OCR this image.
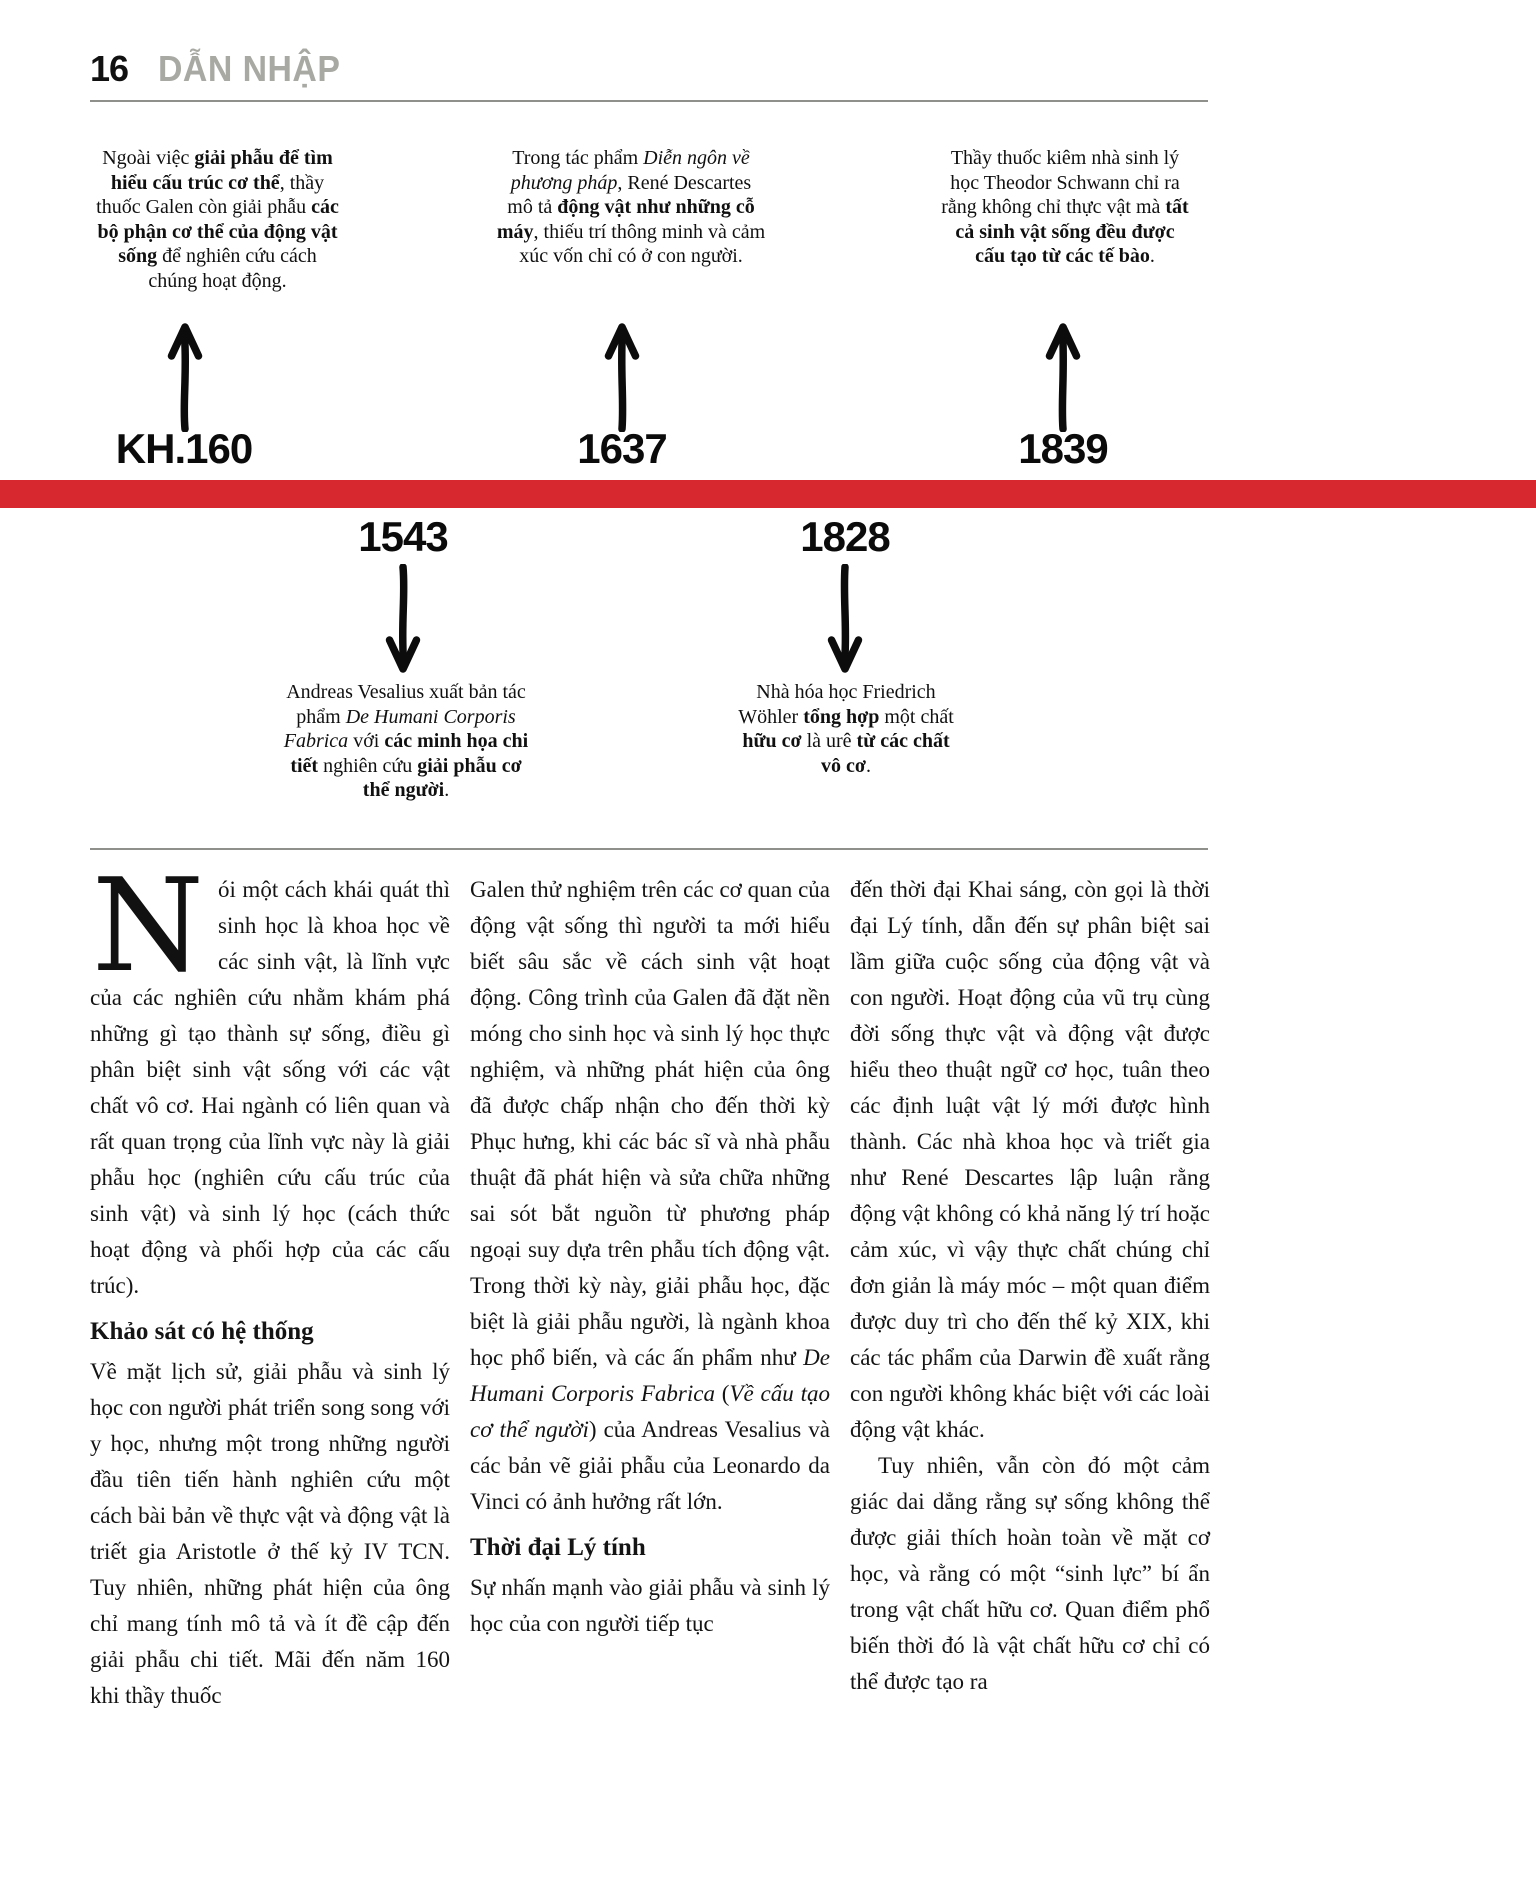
16 DẪN NHẬP

Ngoài việc giải phẫu để tìm hiểu cấu trúc cơ thể, thầy thuốc Galen còn giải phẫu các bộ phận cơ thể của động vật sống để nghiên cứu cách chúng hoạt động.

Trong tác phẩm Diễn ngôn về phương pháp, René Descartes mô tả động vật như những cỗ máy, thiếu trí thông minh và cảm xúc vốn chỉ có ở con người.

Thầy thuốc kiêm nhà sinh lý học Theodor Schwann chỉ ra rằng không chỉ thực vật mà tất cả sinh vật sống đều được cấu tạo từ các tế bào.

KH.160	1637	1839
1543	1828

Andreas Vesalius xuất bản tác phẩm De Humani Corporis Fabrica với các minh họa chi tiết nghiên cứu giải phẫu cơ thể người.

Nhà hóa học Friedrich Wöhler tổng hợp một chất hữu cơ là urê từ các chất vô cơ.

Nói một cách khái quát thì sinh học là khoa học về các sinh vật, là lĩnh vực của các nghiên cứu nhằm khám phá những gì tạo thành sự sống, điều gì phân biệt sinh vật sống với các vật chất vô cơ. Hai ngành có liên quan và rất quan trọng của lĩnh vực này là giải phẫu học (nghiên cứu cấu trúc của sinh vật) và sinh lý học (cách thức hoạt động và phối hợp của các cấu trúc).

Khảo sát có hệ thống

Về mặt lịch sử, giải phẫu và sinh lý học con người phát triển song song với y học, nhưng một trong những người đầu tiên tiến hành nghiên cứu một cách bài bản về thực vật và động vật là triết gia Aristotle ở thế kỷ IV TCN. Tuy nhiên, những phát hiện của ông chỉ mang tính mô tả và ít đề cập đến giải phẫu chi tiết. Mãi đến năm 160 khi thầy thuốc

Galen thử nghiệm trên các cơ quan của động vật sống thì người ta mới hiểu biết sâu sắc về cách sinh vật hoạt động. Công trình của Galen đã đặt nền móng cho sinh học và sinh lý học thực nghiệm, và những phát hiện của ông đã được chấp nhận cho đến thời kỳ Phục hưng, khi các bác sĩ và nhà phẫu thuật đã phát hiện và sửa chữa những sai sót bắt nguồn từ phương pháp ngoại suy dựa trên phẫu tích động vật. Trong thời kỳ này, giải phẫu học, đặc biệt là giải phẫu người, là ngành khoa học phổ biến, và các ấn phẩm như De Humani Corporis Fabrica (Về cấu tạo cơ thể người) của Andreas Vesalius và các bản vẽ giải phẫu của Leonardo da Vinci có ảnh hưởng rất lớn.

Thời đại Lý tính

Sự nhấn mạnh vào giải phẫu và sinh lý học của con người tiếp tục

đến thời đại Khai sáng, còn gọi là thời đại Lý tính, dẫn đến sự phân biệt sai lầm giữa cuộc sống của động vật và con người. Hoạt động của vũ trụ cùng đời sống thực vật và động vật được hiểu theo thuật ngữ cơ học, tuân theo các định luật vật lý mới được hình thành. Các nhà khoa học và triết gia như René Descartes lập luận rằng động vật không có khả năng lý trí hoặc cảm xúc, vì vậy thực chất chúng chỉ đơn giản là máy móc – một quan điểm được duy trì cho đến thế kỷ XIX, khi các tác phẩm của Darwin đề xuất rằng con người không khác biệt với các loài động vật khác.

Tuy nhiên, vẫn còn đó một cảm giác dai dẳng rằng sự sống không thể được giải thích hoàn toàn về mặt cơ học, và rằng có một “sinh lực” bí ẩn trong vật chất hữu cơ. Quan điểm phổ biến thời đó là vật chất hữu cơ chỉ có thể được tạo ra
